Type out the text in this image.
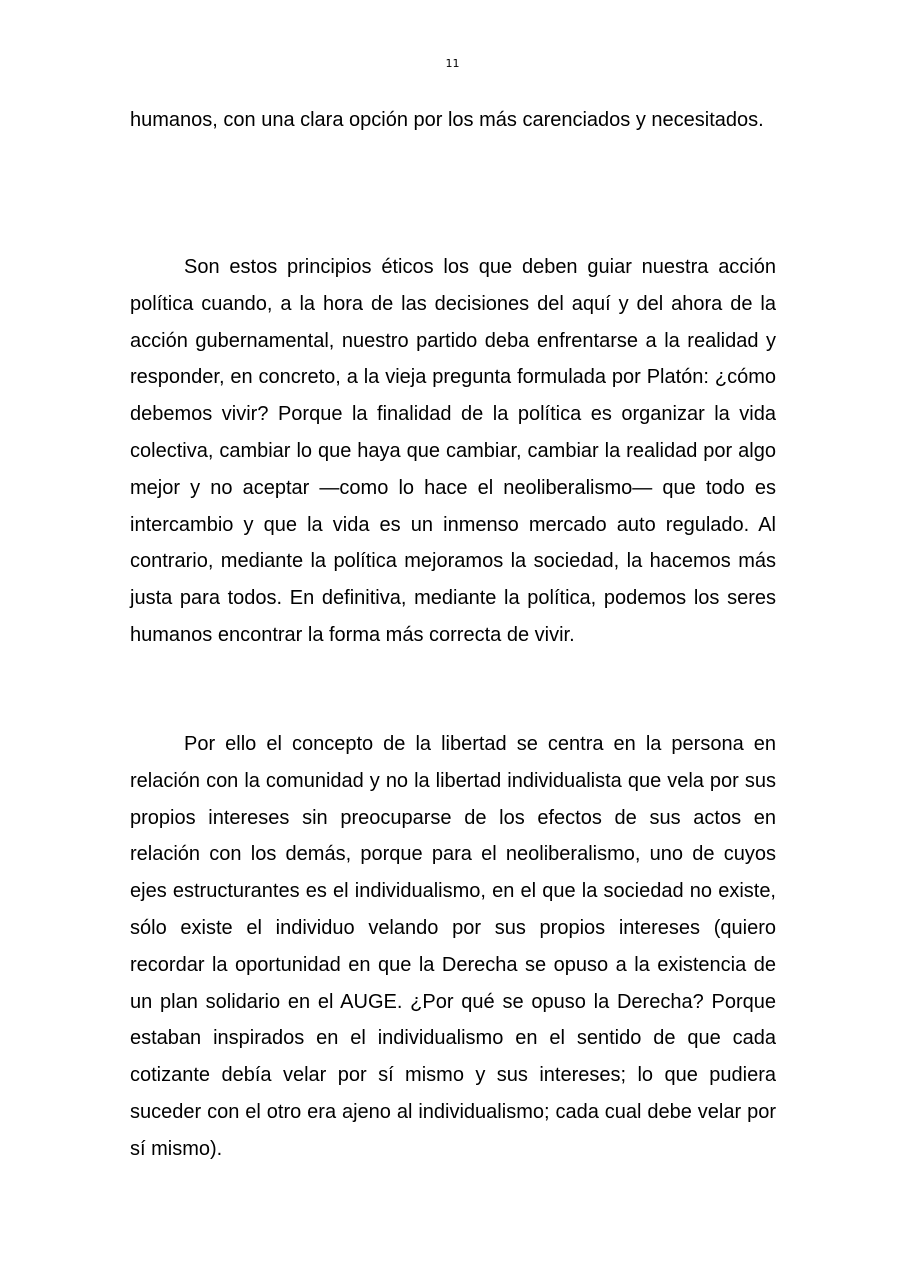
11

humanos, con una clara opción por los más carenciados y necesitados.

Son estos principios éticos los que deben guiar nuestra acción política cuando, a la hora de las decisiones del aquí y del ahora de la acción gubernamental, nuestro partido deba enfrentarse a la realidad y responder, en concreto, a la vieja pregunta formulada por Platón: ¿cómo debemos vivir? Porque la finalidad de la política es organizar la vida colectiva, cambiar lo que haya que cambiar, cambiar la realidad por algo mejor y no aceptar —como lo hace el neoliberalismo— que todo es intercambio y que la vida es un inmenso mercado auto regulado. Al contrario, mediante la política mejoramos la sociedad, la hacemos más justa para todos. En definitiva, mediante la política, podemos los seres humanos encontrar la forma más correcta de vivir.

Por ello el concepto de la libertad se centra en la persona en relación con la comunidad y no la libertad individualista que vela por sus propios intereses sin preocuparse de los efectos de sus actos en relación con los demás, porque para el neoliberalismo, uno de cuyos ejes estructurantes es el individualismo, en el que la sociedad no existe, sólo existe el individuo velando por sus propios intereses (quiero recordar la oportunidad en que la Derecha se opuso a la existencia de un plan solidario en el AUGE. ¿Por qué se opuso la Derecha? Porque estaban inspirados en el individualismo en el sentido de que cada cotizante debía velar por sí mismo y sus intereses; lo que pudiera suceder con el otro era ajeno al individualismo; cada cual debe velar por sí mismo).
